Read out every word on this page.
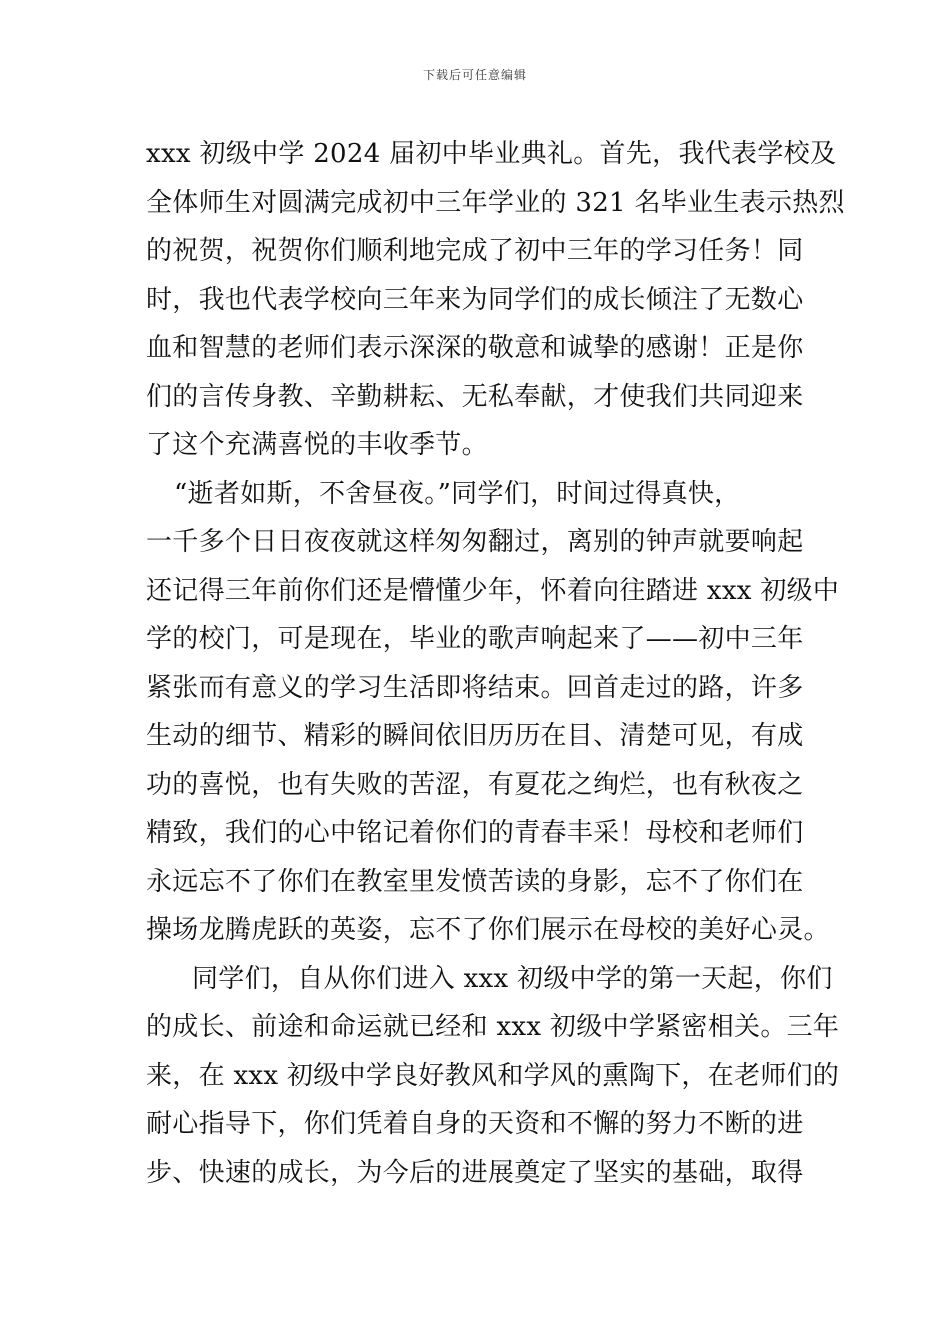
下载后可任意编辑
xxx 初级中学 2024 届初中毕业典礼。首先，我代表学校及
全体师生对圆满完成初中三年学业的 321 名毕业生表示热烈
的祝贺，祝贺你们顺利地完成了初中三年的学习任务！同
时，我也代表学校向三年来为同学们的成长倾注了无数心
血和智慧的老师们表示深深的敬意和诚挚的感谢！正是你
们的言传身教、辛勤耕耘、无私奉献，才使我们共同迎来
了这个充满喜悦的丰收季节。
“逝者如斯，不舍昼夜。”同学们，时间过得真快，
一千多个日日夜夜就这样匆匆翻过，离别的钟声就要响起
还记得三年前你们还是懵懂少年，怀着向往踏进 xxx 初级中
学的校门，可是现在，毕业的歌声响起来了——初中三年
紧张而有意义的学习生活即将结束。回首走过的路，许多
生动的细节、精彩的瞬间依旧历历在目、清楚可见，有成
功的喜悦，也有失败的苦涩，有夏花之绚烂，也有秋夜之
精致，我们的心中铭记着你们的青春丰采！母校和老师们
永远忘不了你们在教室里发愤苦读的身影，忘不了你们在
操场龙腾虎跃的英姿，忘不了你们展示在母校的美好心灵。
同学们，自从你们进入 xxx 初级中学的第一天起，你们
的成长、前途和命运就已经和 xxx 初级中学紧密相关。三年
来，在 xxx 初级中学良好教风和学风的熏陶下，在老师们的
耐心指导下，你们凭着自身的天资和不懈的努力不断的进
步、快速的成长，为今后的进展奠定了坚实的基础，取得
